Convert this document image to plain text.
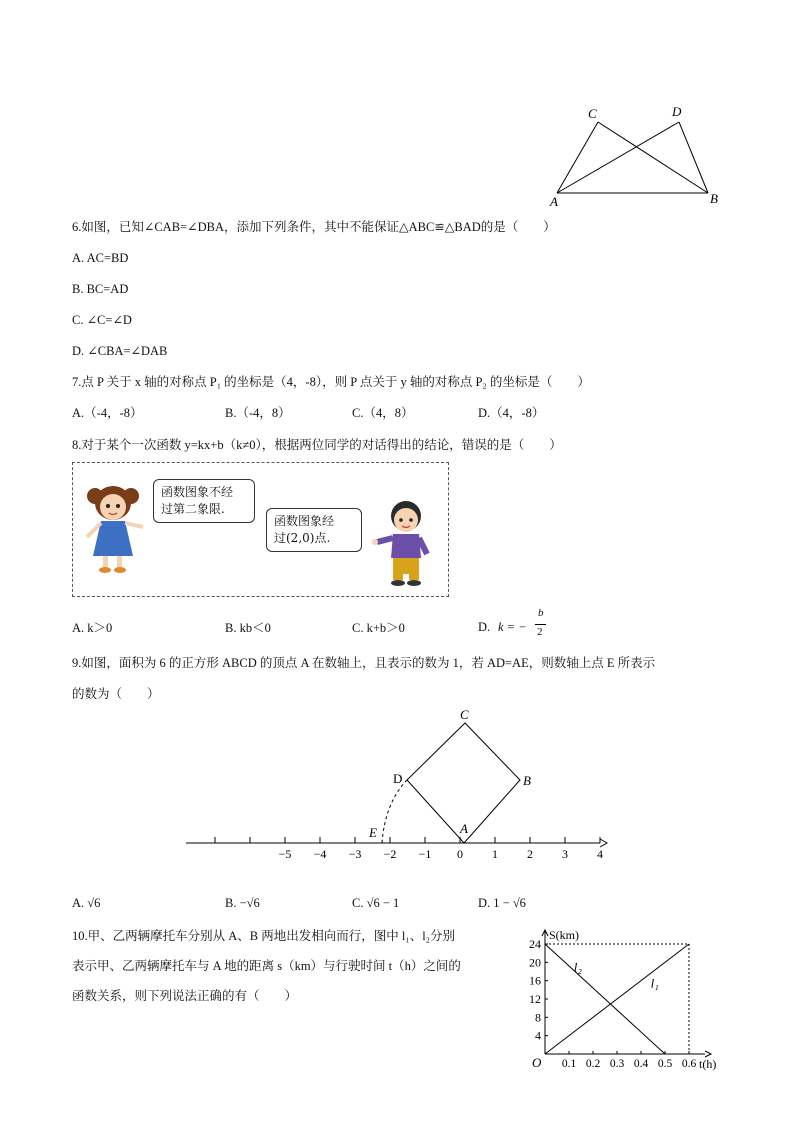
C	D
A	B
6.如图，已知∠CAB=∠DBA，添加下列条件，其中不能保证△ABC≌△BAD的是（　　）
A. AC=BD
B. BC=AD
C. ∠C=∠D
D. ∠CBA=∠DAB
7.点 P 关于 x 轴的对称点 P₁ 的坐标是（4，-8），则 P 点关于 y 轴的对称点 P₂ 的坐标是（　　）
A.（-4，-8）	B.（-4，8）	C.（4，8）	D.（4，-8）
8.对于某个一次函数 y=kx+b（k≠0），根据两位同学的对话得出的结论，错误的是（　　）
函数图象不经
过第二象限.
函数图象经
过(2,0)点.
A. k＞0	B. kb＜0	C. k+b＞0	D. k = −
b
2
9.如图，面积为 6 的正方形 ABCD 的顶点 A 在数轴上，且表示的数为 1，若 AD=AE，则数轴上点 E 所表示
的数为（　　）
−5 −4 −3 −2 −1 0 1 2 3 4
C
D	B
A
E
A. √6	B. −√6	C. √6 − 1	D. 1 − √6
10.甲、乙两辆摩托车分别从 A、B 两地出发相向而行，图中 l₁、l₂分别
表示甲、乙两辆摩托车与 A 地的距离 s（km）与行驶时间 t（h）之间的
函数关系，则下列说法正确的有（　　）
S(km)
t(h)
O
24
20
16
12
8
4
0.1 0.2 0.3 0.4 0.5 0.6
l₂
l₁
